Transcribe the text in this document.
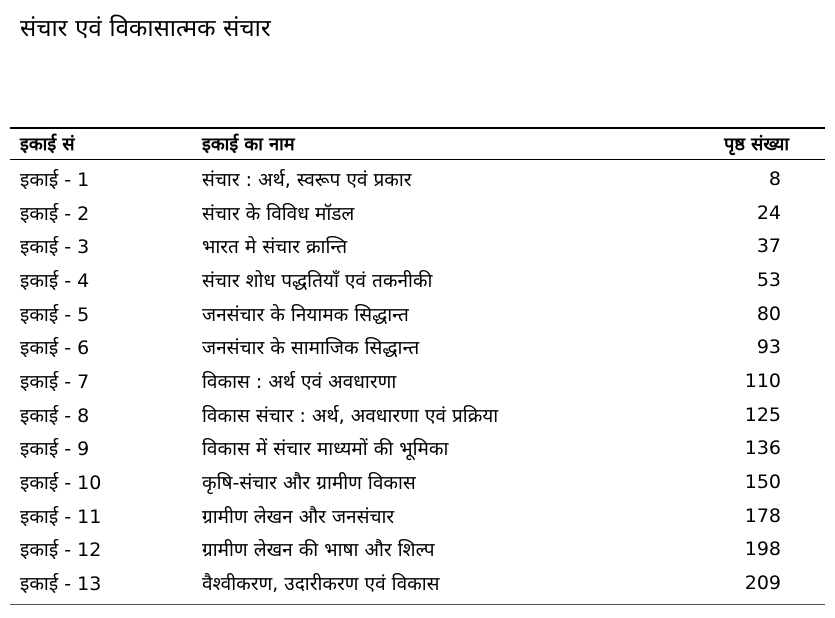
संचार एवं विकासात्मक संचार
इकाई सं	इकाई का नाम	पृष्ठ संख्या
इकाई - 1	संचार : अर्थ, स्वरूप एवं प्रकार	8
इकाई - 2	संचार के विविध मॉडल	24
इकाई - 3	भारत मे संचार क्रान्ति	37
इकाई - 4	संचार शोध पद्धतियाँ एवं तकनीकी	53
इकाई - 5	जनसंचार के नियामक सिद्धान्त	80
इकाई - 6	जनसंचार के सामाजिक सिद्धान्त	93
इकाई - 7	विकास : अर्थ एवं अवधारणा	110
इकाई - 8	विकास संचार : अर्थ, अवधारणा एवं प्रक्रिया	125
इकाई - 9	विकास में संचार माध्यमों की भूमिका	136
इकाई - 10	कृषि-संचार और ग्रामीण विकास	150
इकाई - 11	ग्रामीण लेखन और जनसंचार	178
इकाई - 12	ग्रामीण लेखन की भाषा और शिल्प	198
इकाई - 13	वैश्वीकरण, उदारीकरण एवं विकास	209
